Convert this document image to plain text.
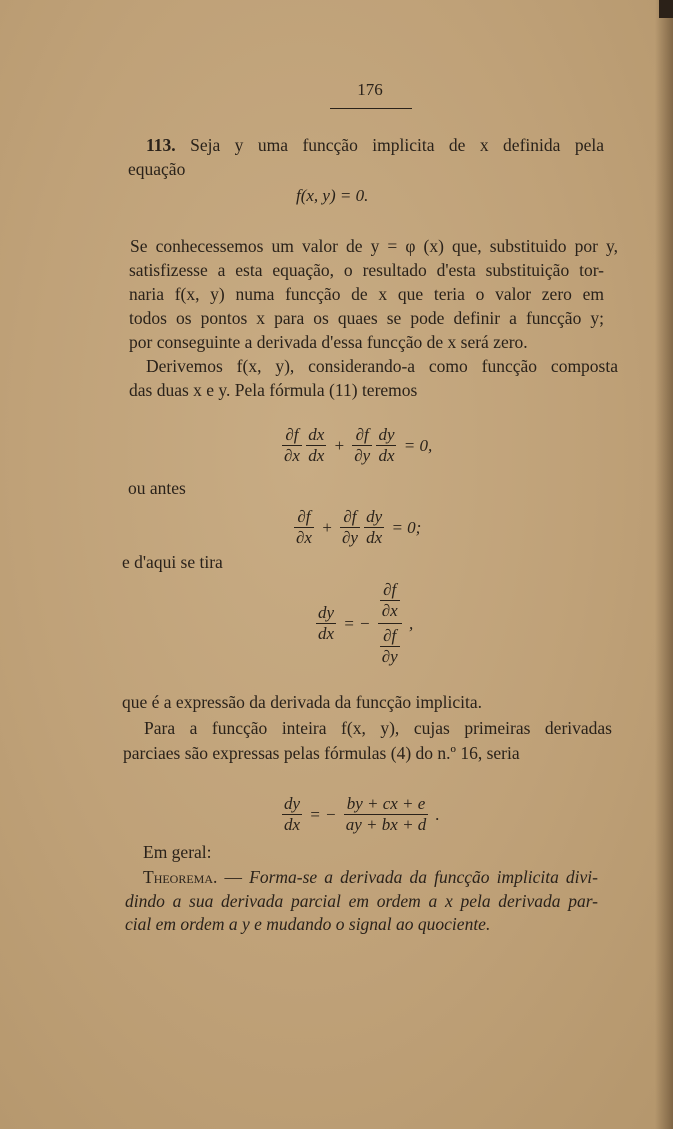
176

113. Seja y uma funcção implicita de x definida pela

equação

f(x, y) = 0.

Se conhecessemos um valor de y = φ (x) que, substituido por y,

satisfizesse a esta equação, o resultado d'esta substituição tor-

naria f(x, y) numa funcção de x que teria o valor zero em

todos os pontos x para os quaes se pode definir a funcção y;

por conseguinte a derivada d'essa funcção de x será zero.

Derivemos f(x, y), considerando-a como funcção composta

das duas x e y. Pela fórmula (11) teremos

$\frac{\partial f}{\partial x}$
$\frac{dx}{dx} + \frac{\partial f}{\partial y}$
$\frac{dy}{dx} = 0$,

ou antes

$\frac{\partial f}{\partial x} + \frac{\partial f}{\partial y}$
$\frac{dy}{dx} = 0$;

e d'aqui se tira

$\frac{dy}{dx}$ = − $\frac{\frac{\partial f}{\partial x}}{\frac{\partial f}{\partial y}}$ ,

que é a expressão da derivada da funcção implicita.

Para a funcção inteira f(x, y), cujas primeiras derivadas

parciaes são expressas pelas fórmulas (4) do n.º 16, seria

$\frac{dy}{dx}$ = − $\frac{by + cx + e}{ay + bx + d}$ .

Em geral:

Theorema. — Forma-se a derivada da funcção implicita divi-

dindo a sua derivada parcial em ordem a x pela derivada par-

cial em ordem a y e mudando o signal ao quociente.
